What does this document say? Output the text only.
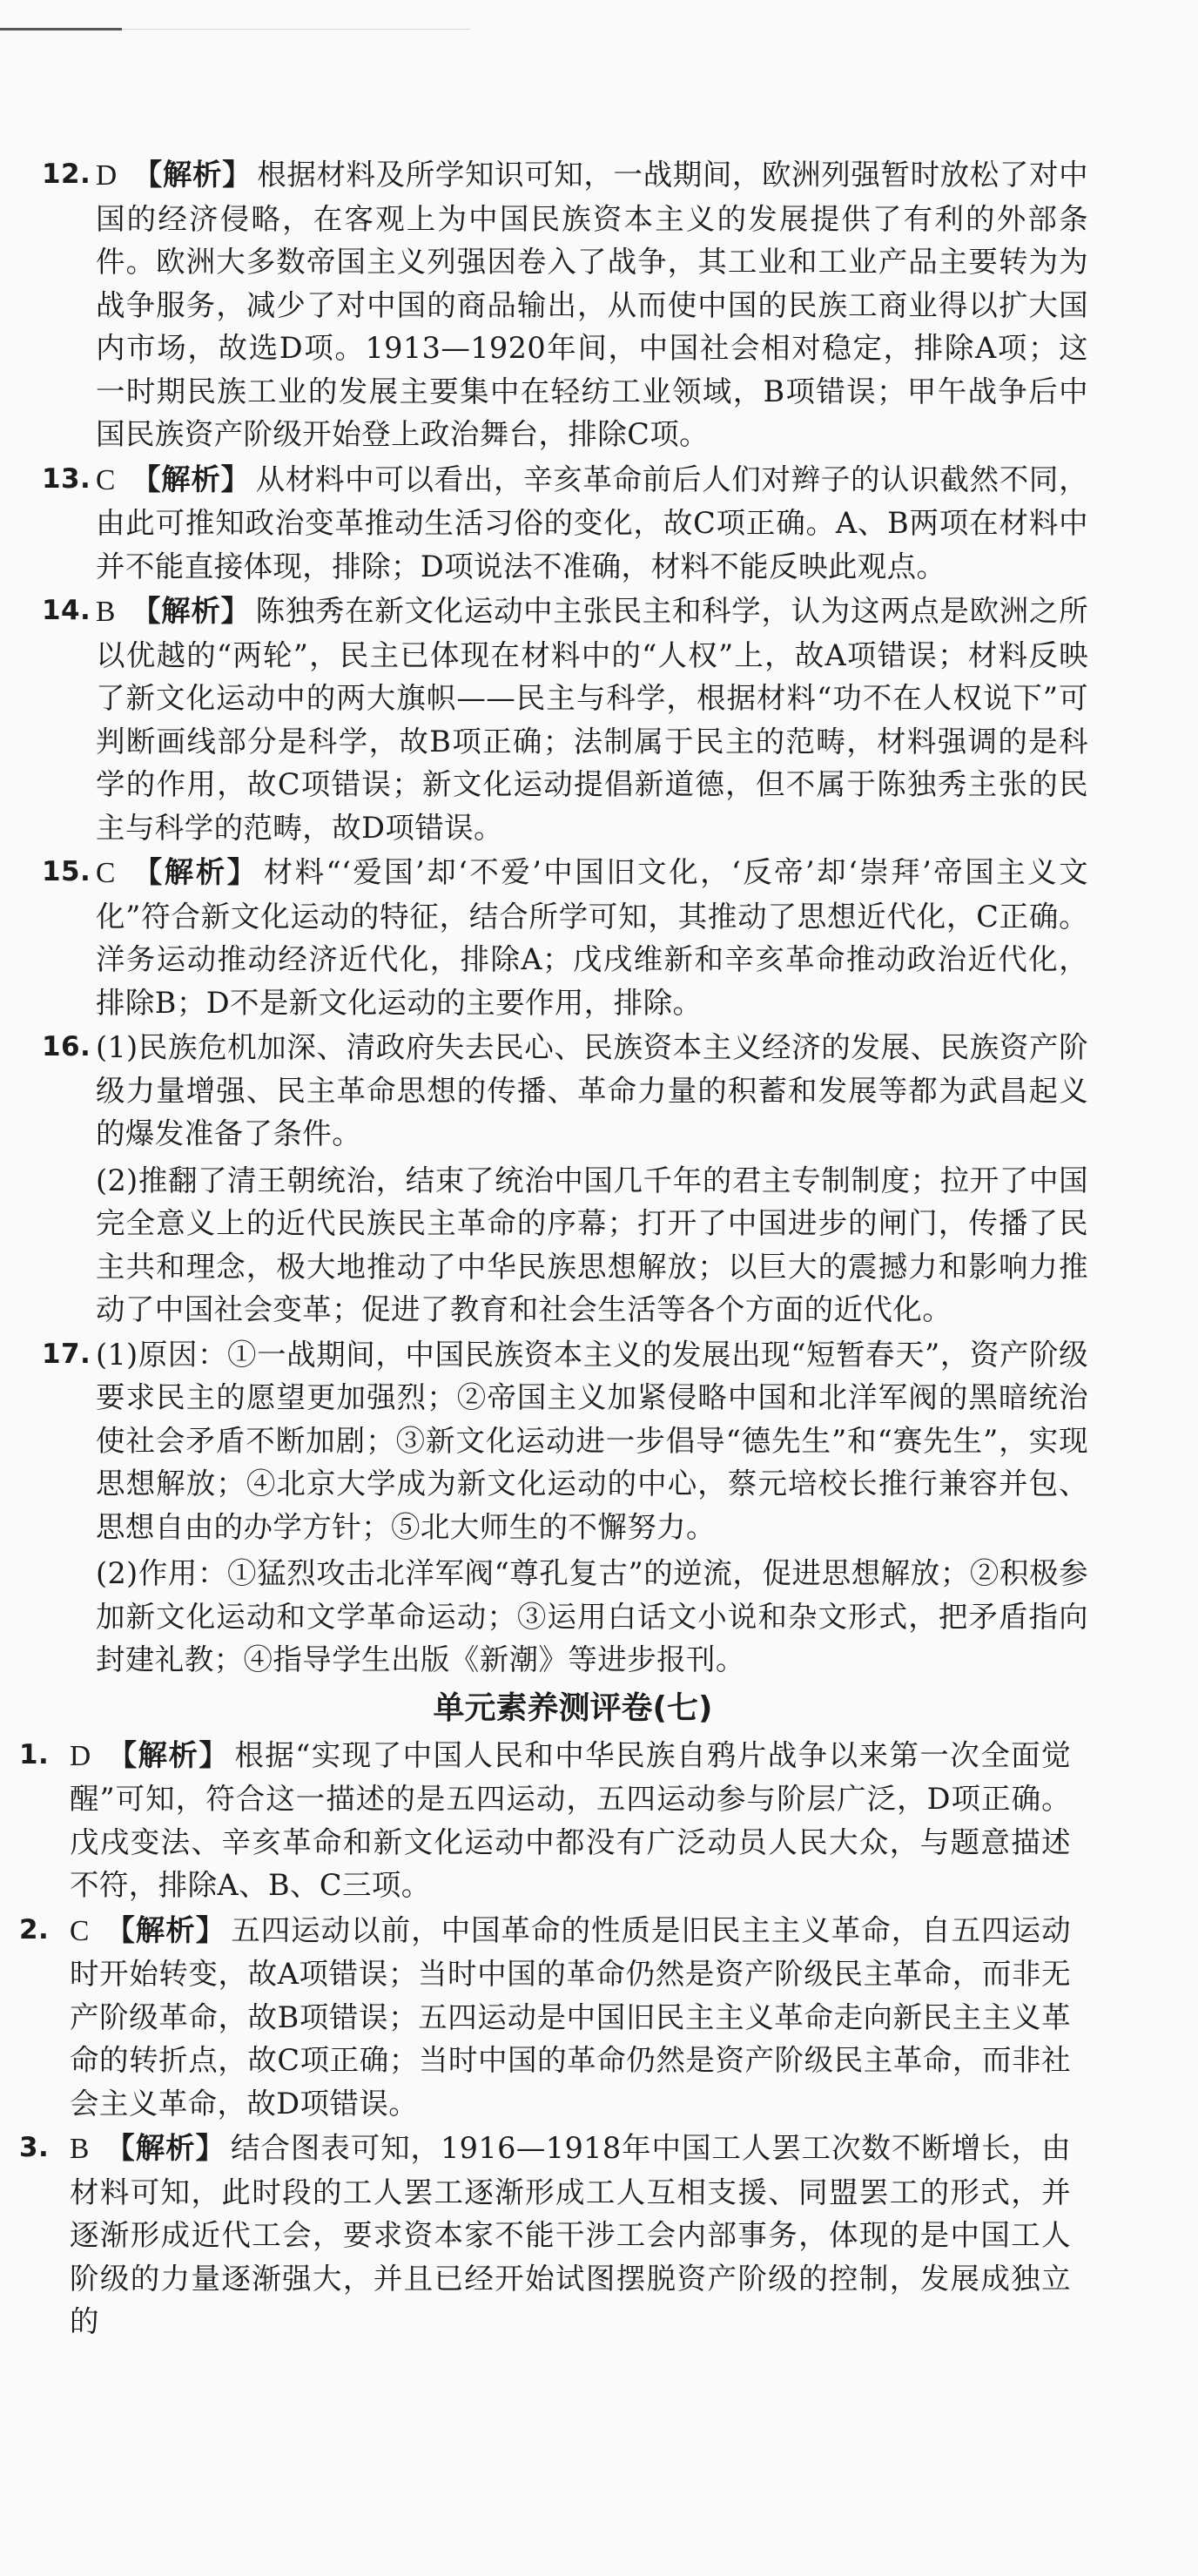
12. D 【解析】 根据材料及所学知识可知，一战期间，欧洲列强暂时放松了对中国的经济侵略，在客观上为中国民族资本主义的发展提供了有利的外部条件。欧洲大多数帝国主义列强因卷入了战争，其工业和工业产品主要转为为战争服务，减少了对中国的商品输出，从而使中国的民族工商业得以扩大国内市场，故选D项。1913—1920年间，中国社会相对稳定，排除A项；这一时期民族工业的发展主要集中在轻纺工业领域，B项错误；甲午战争后中国民族资产阶级开始登上政治舞台，排除C项。
13. C 【解析】 从材料中可以看出，辛亥革命前后人们对辫子的认识截然不同，由此可推知政治变革推动生活习俗的变化，故C项正确。A、B两项在材料中并不能直接体现，排除；D项说法不准确，材料不能反映此观点。
14. B 【解析】 陈独秀在新文化运动中主张民主和科学，认为这两点是欧洲之所以优越的“两轮”，民主已体现在材料中的“人权”上，故A项错误；材料反映了新文化运动中的两大旗帜——民主与科学，根据材料“功不在人权说下”可判断画线部分是科学，故B项正确；法制属于民主的范畴，材料强调的是科学的作用，故C项错误；新文化运动提倡新道德，但不属于陈独秀主张的民主与科学的范畴，故D项错误。
15. C 【解析】 材料“‘爱国’却‘不爱’中国旧文化，‘反帝’却‘崇拜’帝国主义文化”符合新文化运动的特征，结合所学可知，其推动了思想近代化，C正确。洋务运动推动经济近代化，排除A；戊戌维新和辛亥革命推动政治近代化，排除B；D不是新文化运动的主要作用，排除。
16. (1)民族危机加深、清政府失去民心、民族资本主义经济的发展、民族资产阶级力量增强、民主革命思想的传播、革命力量的积蓄和发展等都为武昌起义的爆发准备了条件。
(2)推翻了清王朝统治，结束了统治中国几千年的君主专制制度；拉开了中国完全意义上的近代民族民主革命的序幕；打开了中国进步的闸门，传播了民主共和理念，极大地推动了中华民族思想解放；以巨大的震撼力和影响力推动了中国社会变革；促进了教育和社会生活等各个方面的近代化。
17. (1)原因：①一战期间，中国民族资本主义的发展出现“短暂春天”，资产阶级要求民主的愿望更加强烈；②帝国主义加紧侵略中国和北洋军阀的黑暗统治使社会矛盾不断加剧；③新文化运动进一步倡导“德先生”和“赛先生”，实现思想解放；④北京大学成为新文化运动的中心，蔡元培校长推行兼容并包、思想自由的办学方针；⑤北大师生的不懈努力。
(2)作用：①猛烈攻击北洋军阀“尊孔复古”的逆流，促进思想解放；②积极参加新文化运动和文学革命运动；③运用白话文小说和杂文形式，把矛盾指向封建礼教；④指导学生出版《新潮》等进步报刊。
单元素养测评卷(七)
1. D 【解析】 根据“实现了中国人民和中华民族自鸦片战争以来第一次全面觉醒”可知，符合这一描述的是五四运动，五四运动参与阶层广泛，D项正确。戊戌变法、辛亥革命和新文化运动中都没有广泛动员人民大众，与题意描述不符，排除A、B、C三项。
2. C 【解析】 五四运动以前，中国革命的性质是旧民主主义革命，自五四运动时开始转变，故A项错误；当时中国的革命仍然是资产阶级民主革命，而非无产阶级革命，故B项错误；五四运动是中国旧民主主义革命走向新民主主义革命的转折点，故C项正确；当时中国的革命仍然是资产阶级民主革命，而非社会主义革命，故D项错误。
3. B 【解析】 结合图表可知，1916—1918年中国工人罢工次数不断增长，由材料可知，此时段的工人罢工逐渐形成工人互相支援、同盟罢工的形式，并逐渐形成近代工会，要求资本家不能干涉工会内部事务，体现的是中国工人阶级的力量逐渐强大，并且已经开始试图摆脱资产阶级的控制，发展成独立的
